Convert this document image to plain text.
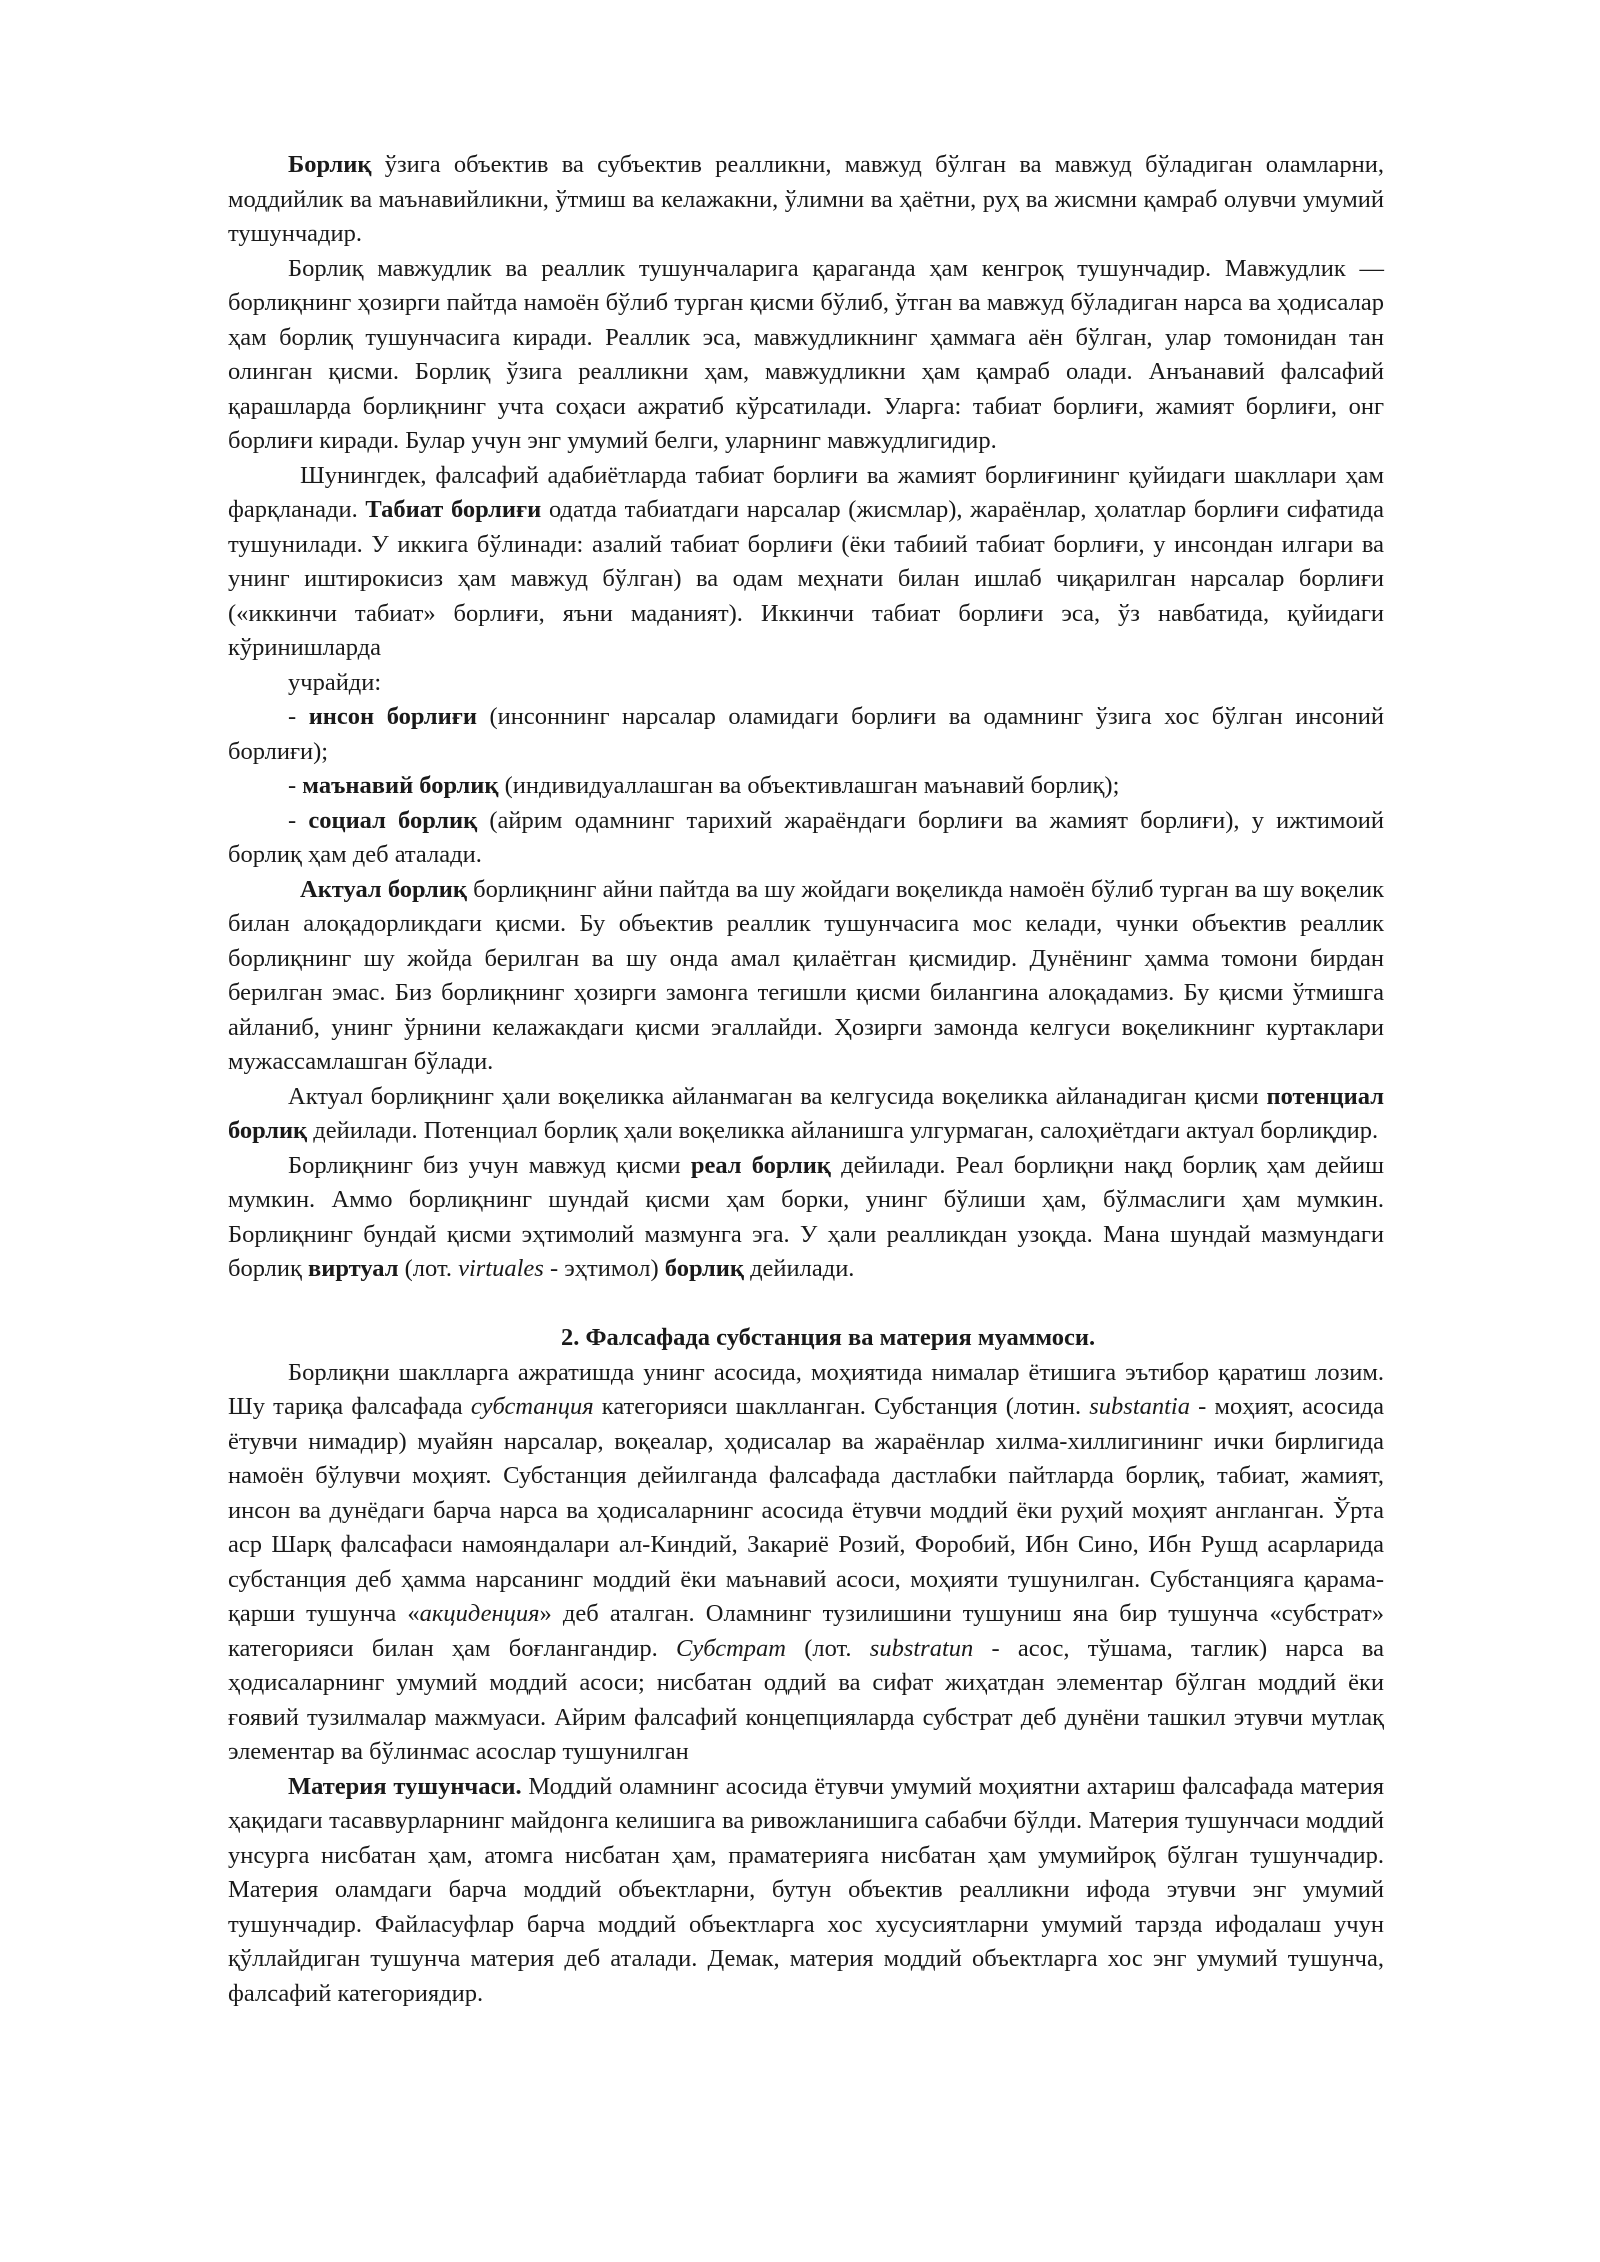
Борлиқ ўзига объектив ва субъектив реалликни, мавжуд бўлган ва мавжуд бўладиган оламларни, моддийлик ва маънавийликни, ўтмиш ва келажакни, ўлимни ва ҳаётни, руҳ ва жисмни қамраб олувчи умумий тушунчадир.

Борлиқ мавжудлик ва реаллик тушунчаларига қараганда ҳам кенгроқ тушунчадир. Мавжудлик — борлиқнинг ҳозирги пайтда намоён бўлиб турган қисми бўлиб, ўтган ва мавжуд бўладиган нарса ва ҳодисалар ҳам борлиқ тушунчасига киради. Реаллик эса, мавжудликнинг ҳаммага аён бўлган, улар томонидан тан олинган қисми. Борлиқ ўзига реалликни ҳам, мавжудликни ҳам қамраб олади. Анъанавий фалсафий қарашларда борлиқнинг учта соҳаси ажратиб кўрсатилади. Уларга: табиат борлиғи, жамият борлиғи, онг борлиғи киради. Булар учун энг умумий белги, уларнинг мавжудлигидир.

Шунингдек, фалсафий адабиётларда табиат борлиғи ва жамият борлиғининг қуйидаги шакллари ҳам фарқланади. Табиат борлиғи одатда табиатдаги нарсалар (жисмлар), жараёнлар, ҳолатлар борлиғи сифатида тушунилади. У иккига бўлинади: азалий табиат борлиғи (ёки табиий табиат борлиғи, у инсондан илгари ва унинг иштирокисиз ҳам мавжуд бўлган) ва одам меҳнати билан ишлаб чиқарилган нарсалар борлиғи («иккинчи табиат» борлиғи, яъни маданият). Иккинчи табиат борлиғи эса, ўз навбатида, қуйидаги кўринишларда

учрайди:

- инсон борлиғи (инсоннинг нарсалар оламидаги борлиғи ва одамнинг ўзига хос бўлган инсоний борлиғи);

- маънавий борлиқ (индивидуаллашган ва объективлашган маънавий борлиқ);

- социал борлиқ (айрим одамнинг тарихий жараёндаги борлиғи ва жамият борлиғи), у ижтимоий борлиқ ҳам деб аталади.

Актуал борлиқ борлиқнинг айни пайтда ва шу жойдаги воқеликда намоён бўлиб турган ва шу воқелик билан алоқадорликдаги қисми. Бу объектив реаллик тушунчасига мос келади, чунки объектив реаллик борлиқнинг шу жойда берилган ва шу онда амал қилаётган қисмидир. Дунёнинг ҳамма томони бирдан берилган эмас. Биз борлиқнинг ҳозирги замонга тегишли қисми билангина алоқадамиз. Бу қисми ўтмишга айланиб, унинг ўрнини келажакдаги қисми эгаллайди. Ҳозирги замонда келгуси воқеликнинг куртаклари мужассамлашган бўлади.

Актуал борлиқнинг ҳали воқеликка айланмаган ва келгусида воқеликка айланадиган қисми потенциал борлиқ дейилади. Потенциал борлиқ ҳали воқеликка айланишга улгурмаган, салоҳиётдаги актуал борлиқдир.

Борлиқнинг биз учун мавжуд қисми реал борлиқ дейилади. Реал борлиқни нақд борлиқ ҳам дейиш мумкин. Аммо борлиқнинг шундай қисми ҳам борки, унинг бўлиши ҳам, бўлмаслиги ҳам мумкин. Борлиқнинг бундай қисми эҳтимолий мазмунга эга. У ҳали реалликдан узоқда. Мана шундай мазмундаги борлиқ виртуал (лот. virtuales - эҳтимол) борлиқ дейилади.

2. Фалсафада субстанция ва материя муаммоси.

Борлиқни шаклларга ажратишда унинг асосида, моҳиятида нималар ётишига эътибор қаратиш лозим. Шу тариқа фалсафада субстанция категорияси шаклланган. Субстанция (лотин. substantia - моҳият, асосида ётувчи нимадир) муайян нарсалар, воқеалар, ҳодисалар ва жараёнлар хилма-хиллигининг ички бирлигида намоён бўлувчи моҳият. Субстанция дейилганда фалсафада дастлабки пайтларда борлиқ, табиат, жамият, инсон ва дунёдаги барча нарса ва ҳодисаларнинг асосида ётувчи моддий ёки руҳий моҳият англанган. Ўрта аср Шарқ фалсафаси намояндалари ал-Киндий, Закариё Розий, Форобий, Ибн Сино, Ибн Рушд асарларида субстанция деб ҳамма нарсанинг моддий ёки маънавий асоси, моҳияти тушунилган. Субстанцияга қарама-қарши тушунча «акциденция» деб аталган. Оламнинг тузилишини тушуниш яна бир тушунча «субстрат» категорияси билан ҳам боғлангандир. Субстрат (лот. substratun - асос, тўшама, таглик) нарса ва ҳодисаларнинг умумий моддий асоси; нисбатан оддий ва сифат жиҳатдан элементар бўлган моддий ёки ғоявий тузилмалар мажмуаси. Айрим фалсафий концепцияларда субстрат деб дунёни ташкил этувчи мутлақ элементар ва бўлинмас асослар тушунилган

Материя тушунчаси. Моддий оламнинг асосида ётувчи умумий моҳиятни ахтариш фалсафада материя ҳақидаги тасаввурларнинг майдонга келишига ва ривожланишига сабабчи бўлди. Материя тушунчаси моддий унсурга нисбатан ҳам, атомга нисбатан ҳам, праматерияга нисбатан ҳам умумийроқ бўлган тушунчадир. Материя оламдаги барча моддий объектларни, бутун объектив реалликни ифода этувчи энг умумий тушунчадир. Файласуфлар барча моддий объектларга хос хусусиятларни умумий тарзда ифодалаш учун қўллайдиган тушунча материя деб аталади. Демак, материя моддий объектларга хос энг умумий тушунча, фалсафий категориядир.
